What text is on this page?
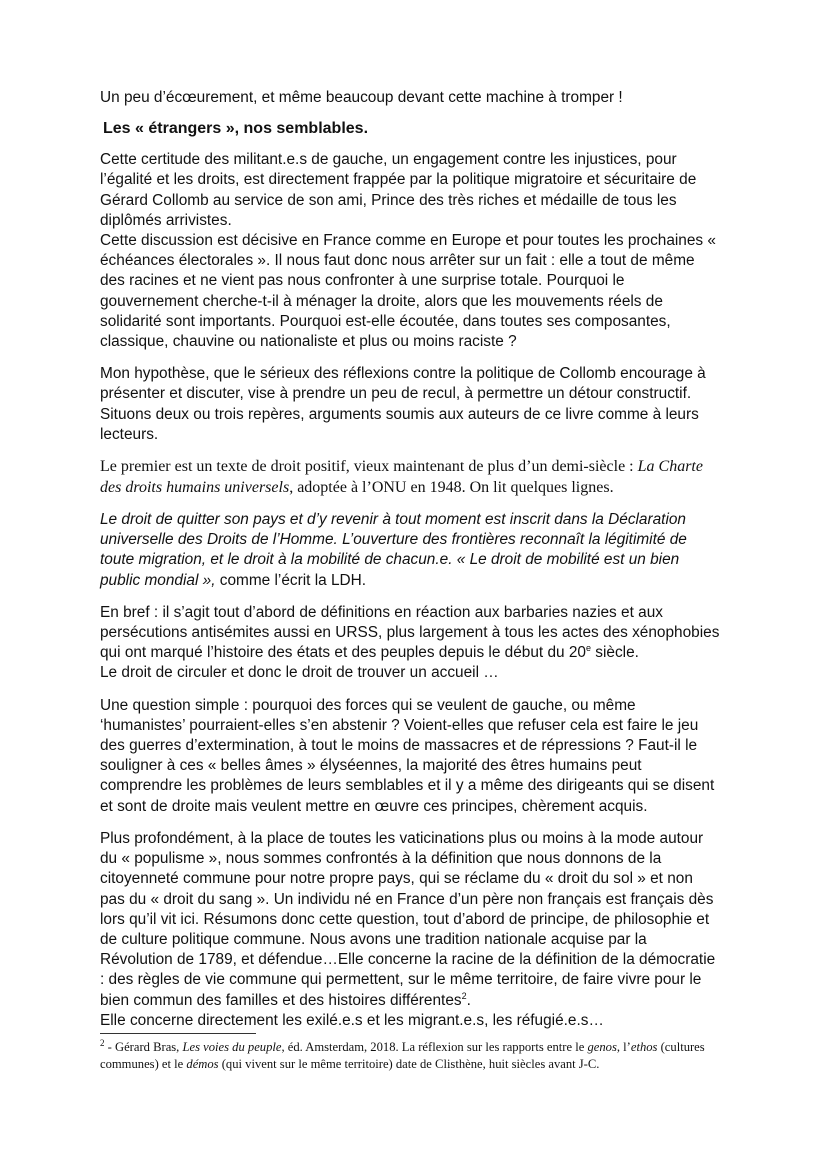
Un peu d’écœurement, et même beaucoup devant cette machine à tromper !

Les « étrangers », nos semblables.

Cette certitude des militant.e.s de gauche, un engagement contre les injustices, pour l’égalité et les droits, est directement frappée par la politique migratoire et sécuritaire de Gérard Collomb au service de son ami, Prince des très riches et médaille de tous les diplômés arrivistes.

Cette discussion est décisive en France comme en Europe et pour toutes les prochaines « échéances électorales ». Il nous faut donc nous arrêter sur un fait : elle a tout de même des racines et ne vient pas nous confronter à une surprise totale. Pourquoi le gouvernement cherche-t-il à ménager la droite, alors que les mouvements réels de solidarité sont importants. Pourquoi est-elle écoutée, dans toutes ses composantes, classique, chauvine ou nationaliste et plus ou moins raciste ?

Mon hypothèse, que le sérieux des réflexions contre la politique de Collomb encourage à présenter et discuter, vise à prendre un peu de recul, à permettre un détour constructif. Situons deux ou trois repères, arguments soumis aux auteurs de ce livre comme à leurs lecteurs.

Le premier est un texte de droit positif, vieux maintenant de plus d’un demi-siècle : La Charte des droits humains universels, adoptée à l’ONU en 1948. On lit quelques lignes.

Le droit de quitter son pays et d’y revenir à tout moment est inscrit dans la Déclaration universelle des Droits de l’Homme. L’ouverture des frontières reconnaît la légitimité de toute migration, et le droit à la mobilité de chacun.e. « Le droit de mobilité est un bien public mondial », comme l’écrit la LDH.

En bref : il s’agit tout d’abord de définitions en réaction aux barbaries nazies et aux persécutions antisémites aussi en URSS, plus largement à tous les actes des xénophobies qui ont marqué l’histoire des états et des peuples depuis le début du 20e siècle.
Le droit de circuler et donc le droit de trouver un accueil …

Une question simple : pourquoi des forces qui se veulent de gauche, ou même ‘humanistes’ pourraient-elles s’en abstenir ? Voient-elles que refuser cela est faire le jeu des guerres d’extermination, à tout le moins de massacres et de répressions ? Faut-il le souligner à ces « belles âmes » élyséennes, la majorité des êtres humains peut comprendre les problèmes de leurs semblables et il y a même des dirigeants qui se disent et sont de droite mais veulent mettre en œuvre ces principes, chèrement acquis.

Plus profondément, à la place de toutes les vaticinations plus ou moins à la mode autour du « populisme », nous sommes confrontés à la définition que nous donnons de la citoyenneté commune pour notre propre pays, qui se réclame du « droit du sol » et non pas du « droit du sang ». Un individu né en France d’un père non français est français dès lors qu’il vit ici. Résumons donc cette question, tout d’abord de principe, de philosophie et de culture politique commune. Nous avons une tradition nationale acquise par la Révolution de 1789, et défendue…Elle concerne la racine de la définition de la démocratie : des règles de vie commune qui permettent, sur le même territoire, de faire vivre pour le bien commun des familles et des histoires différentes$^2$.
Elle concerne directement les exilé.e.s et les migrant.e.s, les réfugié.e.s…

$^2$ - Gérard Bras, Les voies du peuple, éd. Amsterdam, 2018. La réflexion sur les rapports entre le genos, l’ethos (cultures communes) et le démos (qui vivent sur le même territoire) date de Clisthène, huit siècles avant J-C.
